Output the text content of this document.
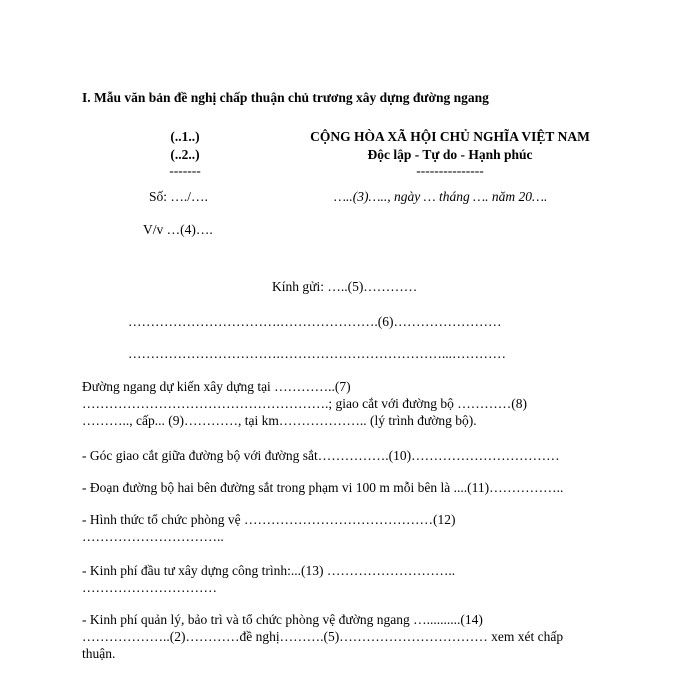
I. Mẫu văn bản đề nghị chấp thuận chủ trương xây dựng đường ngang
(..1..)
(..2..)
-------
Số: …./….
V/v …(4)….
CỘNG HÒA XÃ HỘI CHỦ NGHĨA VIỆT NAM
Độc lập - Tự do - Hạnh phúc
---------------
…..(3)….., ngày … tháng …. năm 20….
Kính gửi: …..(5)…………
…………………………….………………….(6)……………………
…………………………….………………………………...…………
Đường ngang dự kiến xây dựng tại …………..(7)
……………………………………………….; giao cắt với đường bộ …………(8)
……….., cấp... (9)…………, tại km……………….. (lý trình đường bộ).
- Góc giao cắt giữa đường bộ với đường sắt…………….(10)……………………………
- Đoạn đường bộ hai bên đường sắt trong phạm vi 100 m mỗi bên là ....(11)……………..
- Hình thức tổ chức phòng vệ ……………………………………(12)
…………………………..
- Kinh phí đầu tư xây dựng công trình:...(13) ………………………..
…………………………
- Kinh phí quản lý, bảo trì và tổ chức phòng vệ đường ngang …..........(14)
………………..(2)…………đề nghị……….(5)…………………………… xem xét chấp
thuận.
